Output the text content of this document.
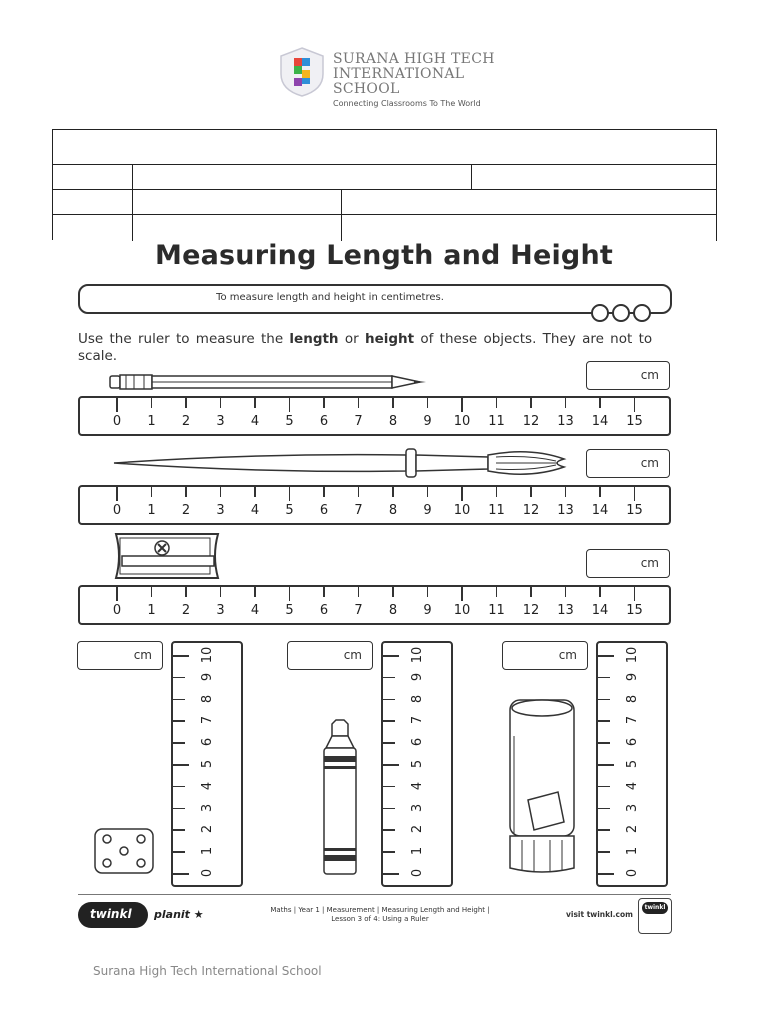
SURANA HIGH TECH
INTERNATIONAL
SCHOOL
Connecting Classrooms To The World
Measuring Length and Height
To measure length and height in centimetres.
Use the ruler to measure the length or height of these objects. They are not to scale.
cm
0	1	2	3	4	5	6	7	8	9	10	11	12	13	14	15
cm
0	1	2	3	4	5	6	7	8	9	10	11	12	13	14	15
cm
0	1	2	3	4	5	6	7	8	9	10	11	12	13	14	15
cm
0
1
2
3
4
5
6
7
8
9
10	cm
0
1
2
3
4
5
6
7
8
9
10	cm
0
1
2
3
4
5
6
7
8
9
10
twinkl planit ★	Maths | Year 1 | Measurement | Measuring Length and Height |
Lesson 3 of 4: Using a Ruler	visit twinkl.com
twinkl
Surana High Tech International School
